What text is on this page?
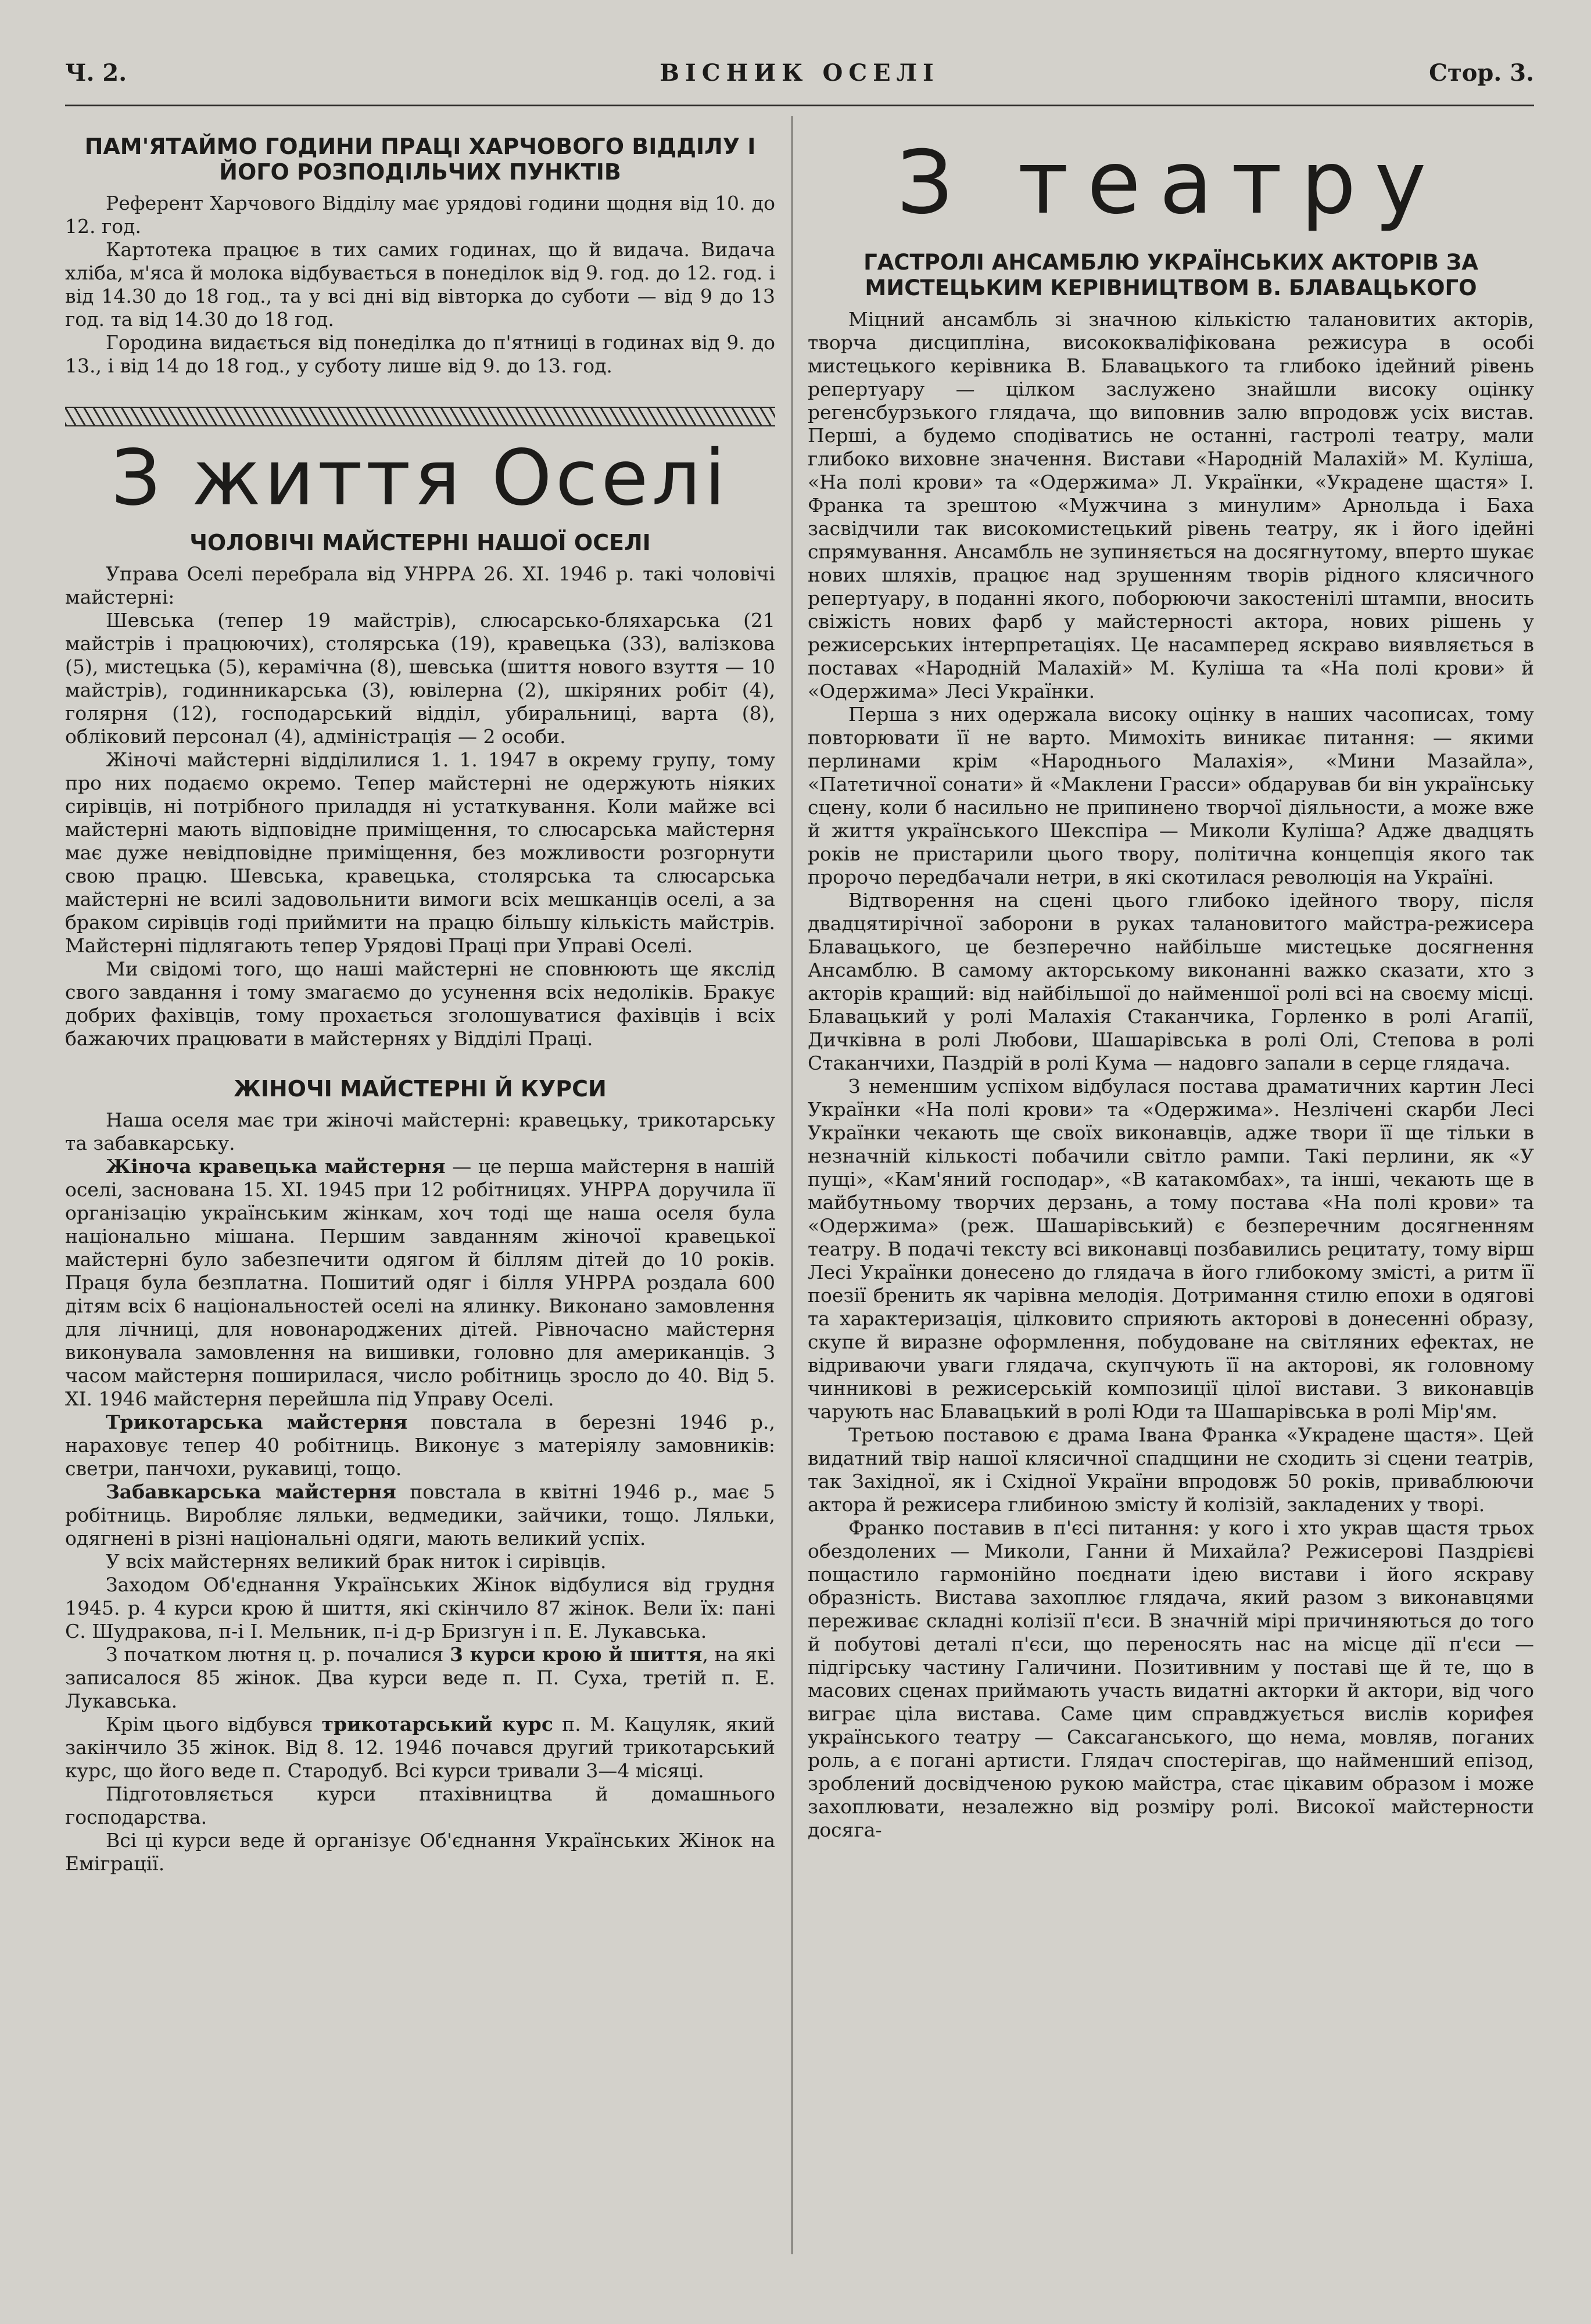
Ч. 2.	ВІСНИК ОСЕЛІ	Стор. 3.
ПАМ'ЯТАЙМО ГОДИНИ ПРАЦІ ХАРЧОВОГО ВІДДІЛУ І ЙОГО РОЗПОДІЛЬЧИХ ПУНКТІВ

Референт Харчового Відділу має урядові години щодня від 10. до 12. год.

Картотека працює в тих самих годинах, що й видача. Видача хліба, м'яса й молока відбувається в понеділок від 9. год. до 12. год. і від 14.30 до 18 год., та у всі дні від вівторка до суботи — від 9 до 13 год. та від 14.30 до 18 год.

Городина видається від понеділка до п'ятниці в годинах від 9. до 13., і від 14 до 18 год., у суботу лише від 9. до 13. год.

З життя Оселі
ЧОЛОВІЧІ МАЙСТЕРНІ НАШОЇ ОСЕЛІ

Управа Оселі перебрала від УНРРА 26. XI. 1946 р. такі чоловічі майстерні:

Шевська (тепер 19 майстрів), слюсарсько-бляхарська (21 майстрів і працюючих), столярська (19), кравецька (33), валізкова (5), мистецька (5), керамічна (8), шевська (шиття нового взуття — 10 майстрів), годинникарська (3), ювілерна (2), шкіряних робіт (4), голярня (12), господарський відділ, убиральниці, варта (8), обліковий персонал (4), адміністрація — 2 особи.

Жіночі майстерні відділилися 1. 1. 1947 в окрему групу, тому про них подаємо окремо. Тепер майстерні не одержують ніяких сирівців, ні потрібного приладдя ні устаткування. Коли майже всі майстерні мають відповідне приміщення, то слюсарська майстерня має дуже невідповідне приміщення, без можливости розгорнути свою працю. Шевська, кравецька, столярська та слюсарська майстерні не всилі задовольнити вимоги всіх мешканців оселі, а за браком сирівців годі приймити на працю більшу кількість майстрів. Майстерні підлягають тепер Урядові Праці при Управі Оселі.

Ми свідомі того, що наші майстерні не сповнюють ще якслід свого завдання і тому змагаємо до усунення всіх недоліків. Бракує добрих фахівців, тому прохається зголошуватися фахівців і всіх бажаючих працювати в майстернях у Відділі Праці.

ЖІНОЧІ МАЙСТЕРНІ Й КУРСИ

Наша оселя має три жіночі майстерні: кравецьку, трикотарську та забавкарську.

Жіноча кравецька майстерня — це перша майстерня в нашій оселі, заснована 15. XI. 1945 при 12 робітницях. УНРРА доручила її організацію українським жінкам, хоч тоді ще наша оселя була національно мішана. Першим завданням жіночої кравецької майстерні було забезпечити одягом й біллям дітей до 10 років. Праця була безплатна. Пошитий одяг і білля УНРРА роздала 600 дітям всіх 6 національностей оселі на ялинку. Виконано замовлення для лічниці, для новонароджених дітей. Рівночасно майстерня виконувала замовлення на вишивки, головно для американців. З часом майстерня поширилася, число робітниць зросло до 40. Від 5. XI. 1946 майстерня перейшла під Управу Оселі.

Трикотарська майстерня повстала в березні 1946 р., нараховує тепер 40 робітниць. Виконує з матеріялу замовників: светри, панчохи, рукавиці, тощо.

Забавкарська майстерня повстала в квітні 1946 р., має 5 робітниць. Виробляє ляльки, ведмедики, зайчики, тощо. Ляльки, одягнені в різні національні одяги, мають великий успіх.

У всіх майстернях великий брак ниток і сирівців.

Заходом Об'єднання Українських Жінок відбулися від грудня 1945. р. 4 курси крою й шиття, які скінчило 87 жінок. Вели їх: пані С. Шудракова, п-і І. Мельник, п-і д-р Бризгун і п. Е. Лукавська.

З початком лютня ц. р. почалися 3 курси крою й шиття, на які записалося 85 жінок. Два курси веде п. П. Суха, третій п. Е. Лукавська.

Крім цього відбувся трикотарський курс п. М. Кацуляк, який закінчило 35 жінок. Від 8. 12. 1946 почався другий трикотарський курс, що його веде п. Стародуб. Всі курси тривали 3—4 місяці.

Підготовляється курси птахівництва й домашнього господарства.

Всі ці курси веде й організує Об'єднання Українських Жінок на Еміграції.

З театру
ГАСТРОЛІ АНСАМБЛЮ УКРАЇНСЬКИХ АКТОРІВ ЗА МИСТЕЦЬКИМ КЕРІВНИЦТВОМ В. БЛАВАЦЬКОГО

Міцний ансамбль зі значною кількістю талановитих акторів, творча дисципліна, висококваліфікована режисура в особі мистецького керівника В. Блавацького та глибоко ідейний рівень репертуару — цілком заслужено знайшли високу оцінку регенсбурзького глядача, що виповнив залю впродовж усіх вистав. Перші, а будемо сподіватись не останні, гастролі театру, мали глибоко виховне значення. Вистави «Народній Малахій» М. Куліша, «На полі крови» та «Одержима» Л. Українки, «Украдене щастя» І. Франка та зрештою «Мужчина з минулим» Арнольда і Баха засвідчили так високомистецький рівень театру, як і його ідейні спрямування. Ансамбль не зупиняється на досягнутому, вперто шукає нових шляхів, працює над зрушенням творів рідного клясичного репертуару, в поданні якого, поборюючи закостенілі штампи, вносить свіжість нових фарб у майстерності актора, нових рішень у режисерських інтерпретаціях. Це насамперед яскраво виявляється в поставах «Народній Малахій» М. Куліша та «На полі крови» й «Одержима» Лесі Українки.

Перша з них одержала високу оцінку в наших часописах, тому повторювати її не варто. Мимохіть виникає питання: — якими перлинами крім «Народнього Малахія», «Мини Мазайла», «Патетичної сонати» й «Маклени Грасси» обдарував би він українську сцену, коли б насильно не припинено творчої діяльности, а може вже й життя українського Шекспіра — Миколи Куліша? Адже двадцять років не пристарили цього твору, політична концепція якого так пророчо передбачали нетри, в які скотилася революція на Україні.

Відтворення на сцені цього глибоко ідейного твору, після двадцятирічної заборони в руках талановитого майстра-режисера Блавацького, це безперечно найбільше мистецьке досягнення Ансамблю. В самому акторському виконанні важко сказати, хто з акторів кращий: від найбільшої до найменшої ролі всі на своєму місці. Блавацький у ролі Малахія Стаканчика, Горленко в ролі Агапії, Дичківна в ролі Любови, Шашарівська в ролі Олі, Степова в ролі Стаканчихи, Паздрій в ролі Кума — надовго запали в серце глядача.

З неменшим успіхом відбулася постава драматичних картин Лесі Українки «На полі крови» та «Одержима». Незлічені скарби Лесі Українки чекають ще своїх виконавців, адже твори її ще тільки в незначній кількості побачили світло рампи. Такі перлини, як «У пущі», «Кам'яний господар», «В катакомбах», та інші, чекають ще в майбутньому творчих дерзань, а тому постава «На полі крови» та «Одержима» (реж. Шашарівський) є безперечним досягненням театру. В подачі тексту всі виконавці позбавились рецитату, тому вірш Лесі Українки донесено до глядача в його глибокому змісті, а ритм її поезії бренить як чарівна мелодія. Дотримання стилю епохи в одягові та характеризація, цілковито сприяють акторові в донесенні образу, скупе й виразне оформлення, побудоване на світляних ефектах, не відриваючи уваги глядача, скупчують її на акторові, як головному чинникові в режисерській композиції цілої вистави. З виконавців чарують нас Блавацький в ролі Юди та Шашарівська в ролі Мір'ям.

Третьою поставою є драма Івана Франка «Украдене щастя». Цей видатний твір нашої клясичної спадщини не сходить зі сцени театрів, так Західної, як і Східної України впродовж 50 років, приваблюючи актора й режисера глибиною змісту й колізій, закладених у творі.

Франко поставив в п'єсі питання: у кого і хто украв щастя трьох обездолених — Миколи, Ганни й Михайла? Режисерові Паздрієві пощастило гармонійно поєднати ідею вистави і його яскраву образність. Вистава захоплює глядача, який разом з виконавцями переживає складні колізії п'єси. В значній мірі причиняються до того й побутові деталі п'єси, що переносять нас на місце дії п'єси — підгірську частину Галичини. Позитивним у поставі ще й те, що в масових сценах приймають участь видатні акторки й актори, від чого виграє ціла вистава. Саме цим справджується вислів корифея українського театру — Саксаганського, що нема, мовляв, поганих роль, а є погані артисти. Глядач спостерігав, що найменший епізод, зроблений досвідченою рукою майстра, стає цікавим образом і може захоплювати, незалежно від розміру ролі. Високої майстерности досяга-
